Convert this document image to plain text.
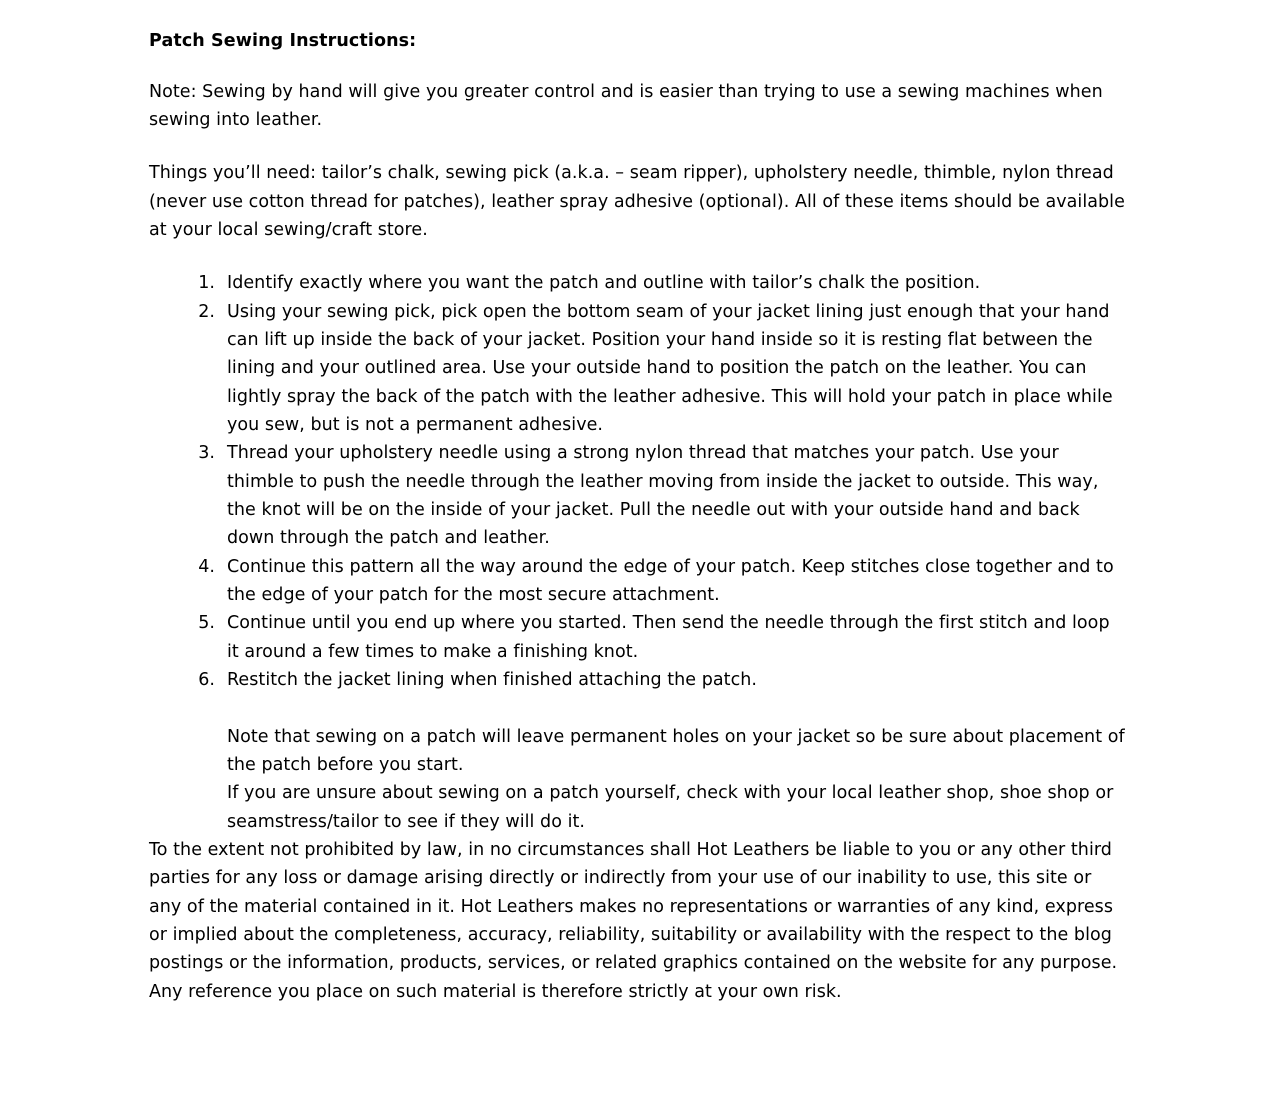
Patch Sewing Instructions:

Note: Sewing by hand will give you greater control and is easier than trying to use a sewing machines when sewing into leather.

Things you’ll need: tailor’s chalk, sewing pick (a.k.a. – seam ripper), upholstery needle, thimble, nylon thread (never use cotton thread for patches), leather spray adhesive (optional). All of these items should be available at your local sewing/craft store.

Identify exactly where you want the patch and outline with tailor’s chalk the position.
Using your sewing pick, pick open the bottom seam of your jacket lining just enough that your hand can lift up inside the back of your jacket. Position your hand inside so it is resting flat between the lining and your outlined area. Use your outside hand to position the patch on the leather. You can lightly spray the back of the patch with the leather adhesive. This will hold your patch in place while you sew, but is not a permanent adhesive.
Thread your upholstery needle using a strong nylon thread that matches your patch. Use your thimble to push the needle through the leather moving from inside the jacket to outside. This way, the knot will be on the inside of your jacket. Pull the needle out with your outside hand and back down through the patch and leather.
Continue this pattern all the way around the edge of your patch. Keep stitches close together and to the edge of your patch for the most secure attachment.
Continue until you end up where you started. Then send the needle through the first stitch and loop it around a few times to make a finishing knot.
Restitch the jacket lining when finished attaching the patch.

Note that sewing on a patch will leave permanent holes on your jacket so be sure about placement of the patch before you start.

If you are unsure about sewing on a patch yourself, check with your local leather shop, shoe shop or seamstress/tailor to see if they will do it.

To the extent not prohibited by law, in no circumstances shall Hot Leathers be liable to you or any other third parties for any loss or damage arising directly or indirectly from your use of our inability to use, this site or any of the material contained in it. Hot Leathers makes no representations or warranties of any kind, express or implied about the completeness, accuracy, reliability, suitability or availability with the respect to the blog postings or the information, products, services, or related graphics contained on the website for any purpose. Any reference you place on such material is therefore strictly at your own risk.
